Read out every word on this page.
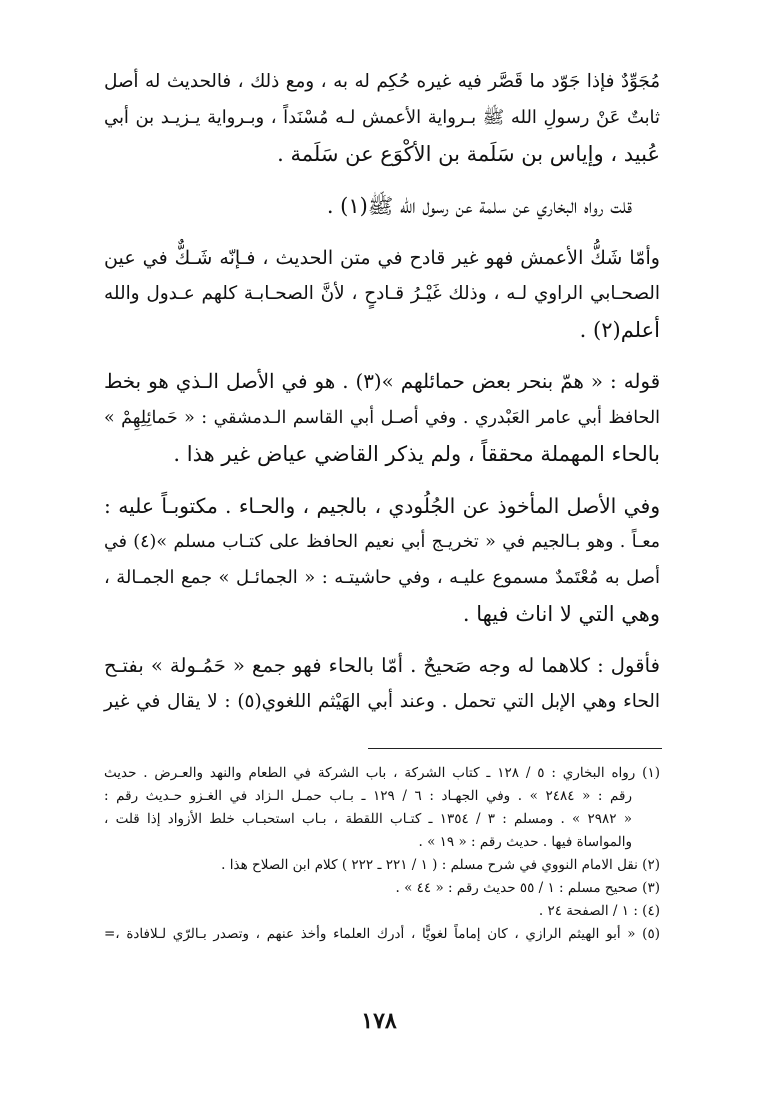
مُجَوِّدٌ فإذا جَوّد ما قَصَّر فيه غيره حُكِم له به ، ومع ذلك ، فالحديث له أصل
ثابتٌ عَنْ رسولِ الله ﷺ بـرواية الأعمش لـه مُسْنَداً ، وبـرواية يـزيـد بن أبي
عُبيد ، وإياس بن سَلَمة بن الأكْوَع عن سَلَمة .

قلت رواه البخاري عن سلمة عن رسول الله ﷺ(١) .

وأمّا شَكُّ الأعمش فهو غير قادح في متن الحديث ، فـإنّه شَـكٌّ في عين
الصحـابي الراوي لـه ، وذلك غَيْـرُ قـادحٍ ، لأنَّ الصحـابـة كلهم عـدول والله
أعلم(٢) .

قوله : « همّ بنحر بعض حمائلهم »(٣) . هو في الأصل الـذي هو بخط
الحافظ أبي عامر العَبْدري . وفي أصـل أبي القاسم الـدمشقي : « حَمائِلِهِمْ »
بالحاء المهملة محققاً ، ولم يذكر القاضي عياض غير هذا .

وفي الأصل المأخوذ عن الجُلُودي ، بالجيم ، والحـاء . مكتوبـاً عليه :
معـاً . وهو بـالجيم في « تخريـج أبي نعيم الحافظ على كتـاب مسلم »(٤) في
أصل به مُعْتَمدٌ مسموع عليـه ، وفي حاشيتـه : « الجمائـل » جمع الجمـالة ،
وهي التي لا اناث فيها .

فأقول : كلاهما له وجه صَحيحٌ . أمّا بالحاء فهو جمع « حَمُـولة » بفتـح
الحاء وهي الإبل التي تحمل . وعند أبي الهَيْثم اللغوي(٥) : لا يقال في غير

(١) رواه البخاري : ٥ / ١٢٨ ـ كتاب الشركة ، باب الشركة في الطعام والنهد والعـرض . حديث
رقم : « ٢٤٨٤ » . وفي الجهـاد : ٦ / ١٢٩ ـ بـاب حمـل الـزاد في الغـزو حـديث رقم :
« ٢٩٨٢ » . ومسلم : ٣ / ١٣٥٤ ـ كتـاب اللقطة ، بـاب استحبـاب خلط الأزواد إذا قلت ،
والمواساة فيها . حديث رقم : « ١٩ » .
(٢) نقل الامام النووي في شرح مسلم : ( ١ / ٢٢١ ـ ٢٢٢ ) كلام ابن الصلاح هذا .
(٣) صحيح مسلم : ١ / ٥٥ حديث رقم : « ٤٤ » .
(٤) : ١ / الصفحة ٢٤ .
(٥) « أبو الهيثم الرازي ، كان إماماً لغويًّا ، أدرك العلماء وأخذ عنهم ، وتصدر بـالرّي لـلافادة ،=
١٧٨
